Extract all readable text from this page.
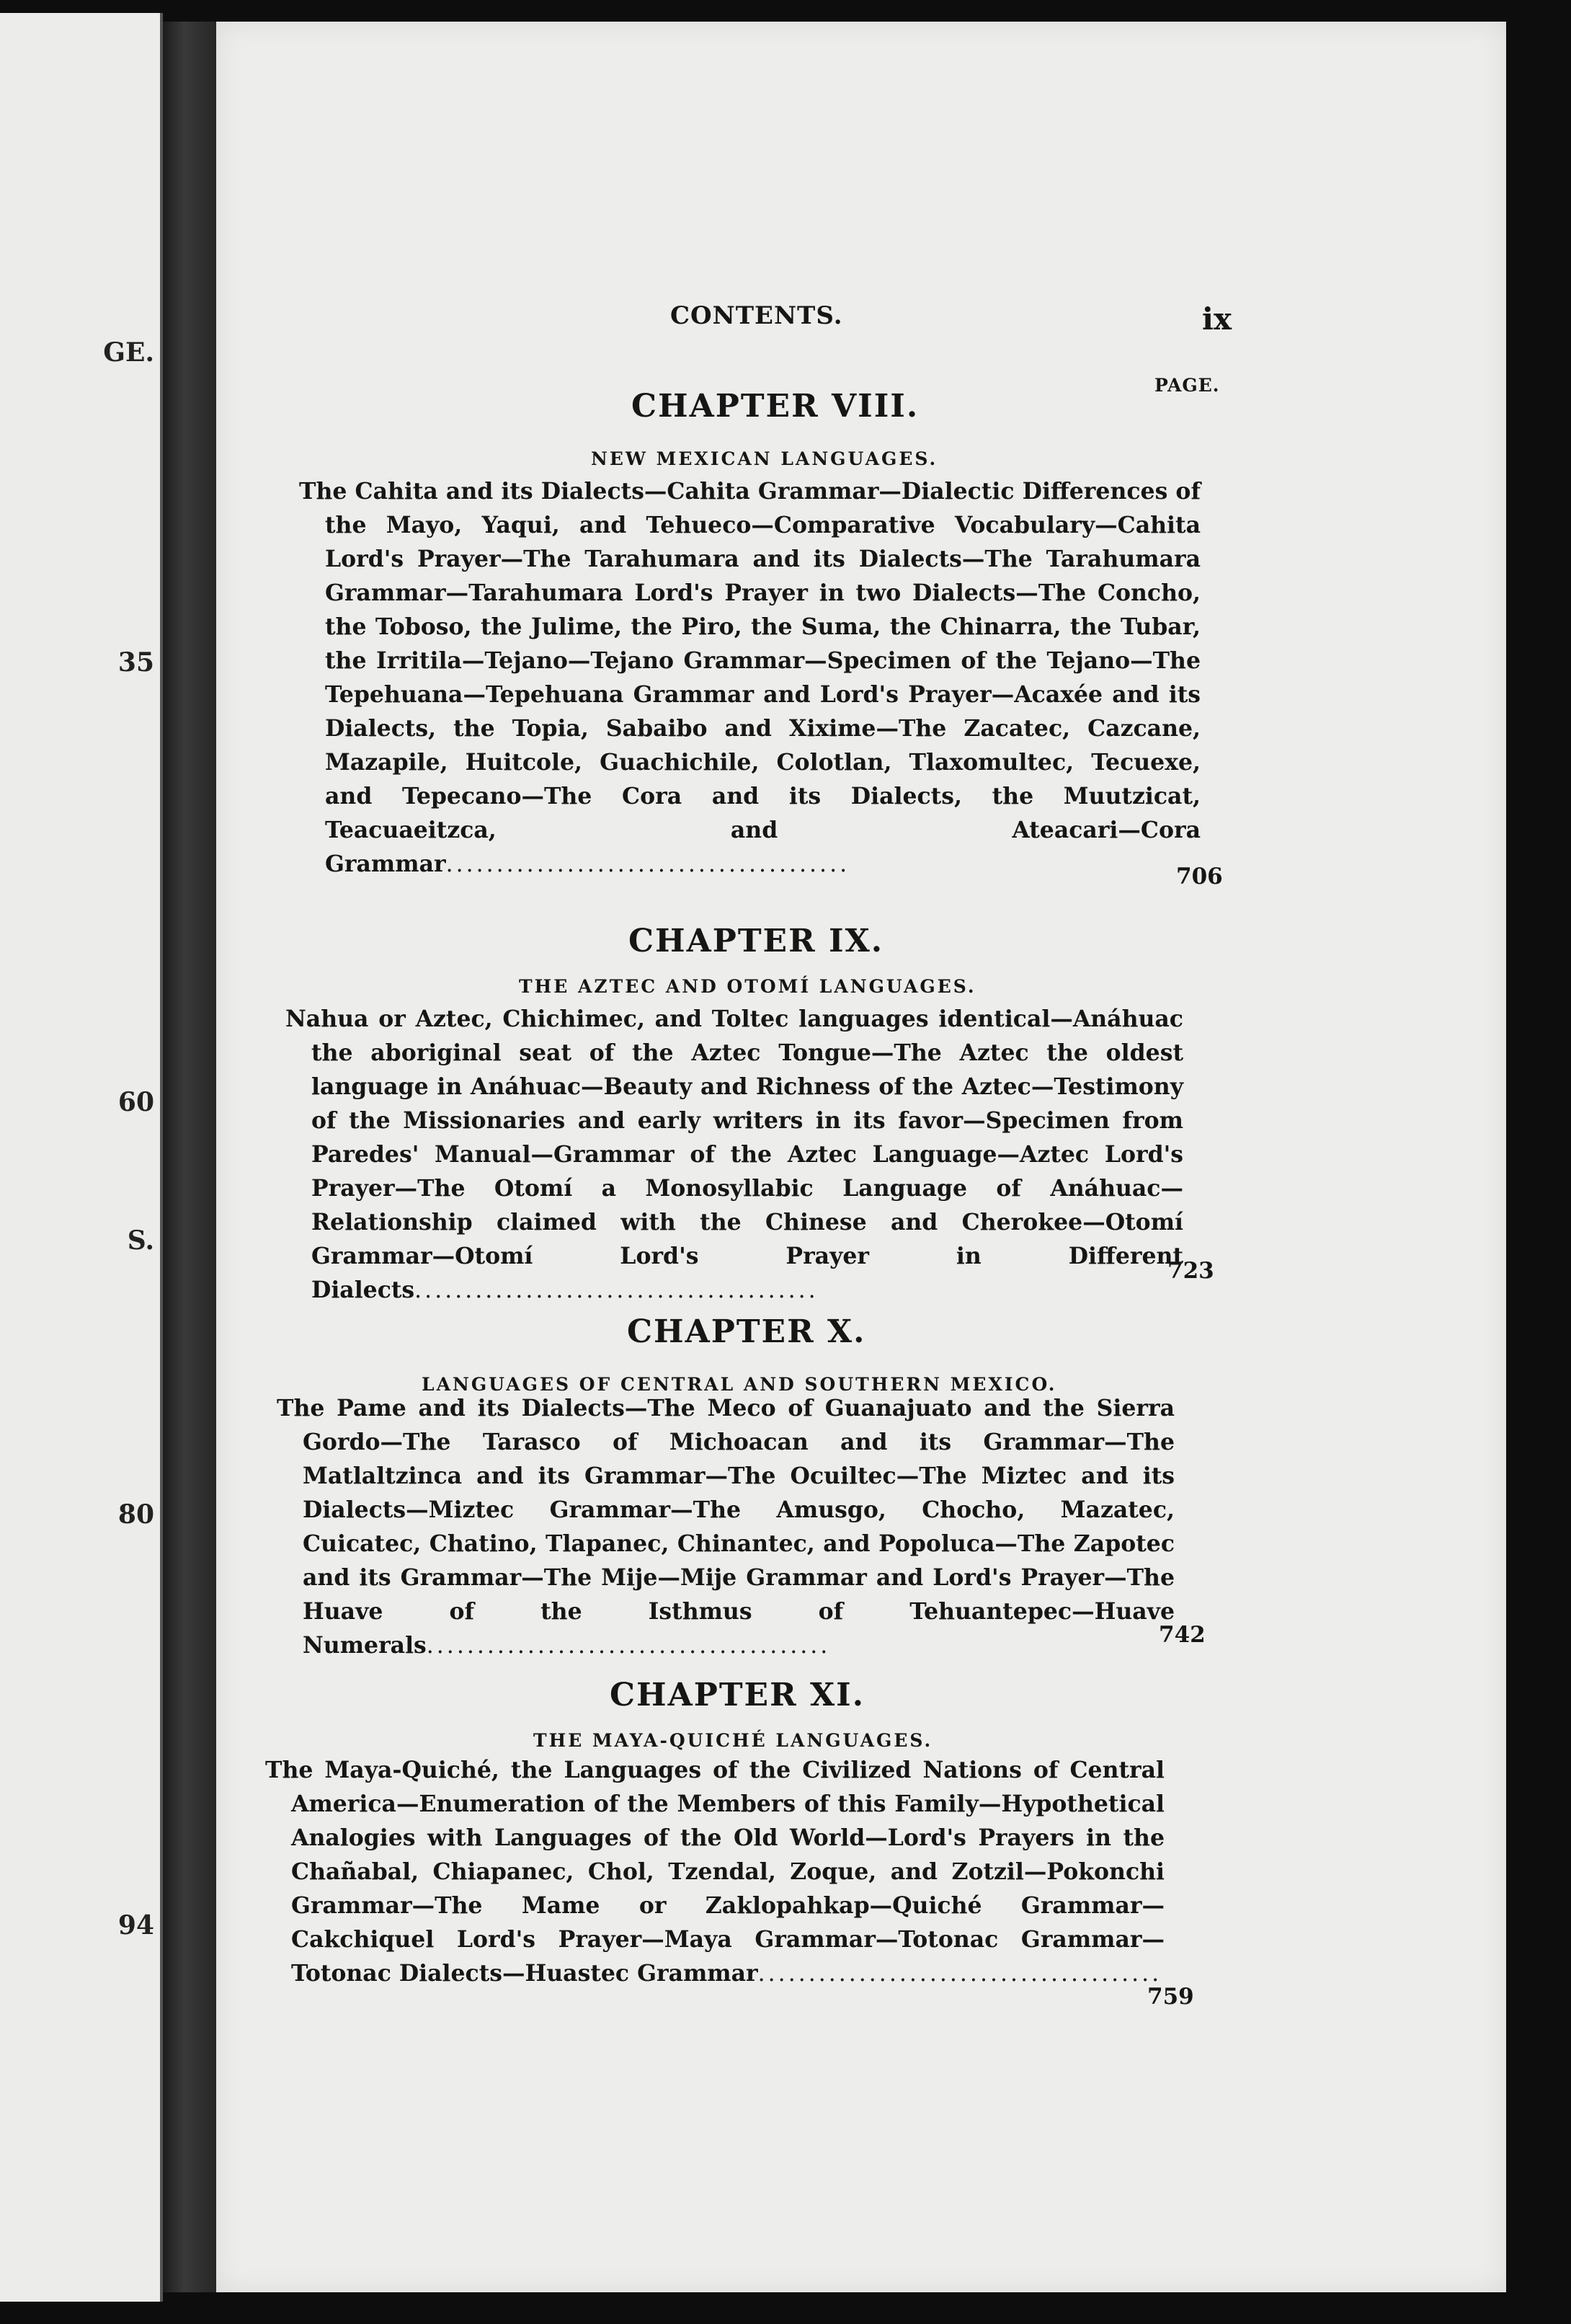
GE.
35
60
S.
80
94
CONTENTS.	ix
PAGE.
CHAPTER VIII.
NEW MEXICAN LANGUAGES.
The Cahita and its Dialects—Cahita Grammar—Dialectic Differences of the Mayo, Yaqui, and Tehueco—Comparative Vocabulary—Cahita Lord's Prayer—The Tarahumara and its Dialects—The Tarahumara Grammar—Tarahumara Lord's Prayer in two Dialects—The Concho, the Toboso, the Julime, the Piro, the Suma, the Chinarra, the Tubar, the Irritila—Tejano—Tejano Grammar—Specimen of the Tejano—The Tepehuana—Tepehuana Grammar and Lord's Prayer—Acaxée and its Dialects, the Topia, Sabaibo and Xixime—The Zacatec, Cazcane, Mazapile, Huitcole, Guachichile, Colotlan, Tlaxomultec, Tecuexe, and Tepecano—The Cora and its Dialects, the Muutzicat, Teacuaeitzca, and Ateacari—Cora Grammar........................................	706
CHAPTER IX.
THE AZTEC AND OTOMÍ LANGUAGES.
Nahua or Aztec, Chichimec, and Toltec languages identical—Anáhuac the aboriginal seat of the Aztec Tongue—The Aztec the oldest language in Anáhuac—Beauty and Richness of the Aztec—Testimony of the Missionaries and early writers in its favor—Specimen from Paredes' Manual—Grammar of the Aztec Language—Aztec Lord's Prayer—The Otomí a Monosyllabic Language of Anáhuac—Relationship claimed with the Chinese and Cherokee—Otomí Grammar—Otomí Lord's Prayer in Different Dialects........................................
723
CHAPTER X.
LANGUAGES OF CENTRAL AND SOUTHERN MEXICO.
The Pame and its Dialects—The Meco of Guanajuato and the Sierra Gordo—The Tarasco of Michoacan and its Grammar—The Matlaltzinca and its Grammar—The Ocuiltec—The Miztec and its Dialects—Miztec Grammar—The Amusgo, Chocho, Mazatec, Cuicatec, Chatino, Tlapanec, Chinantec, and Popoluca—The Zapotec and its Grammar—The Mije—Mije Grammar and Lord's Prayer—The Huave of the Isthmus of Tehuantepec—Huave Numerals........................................	742
CHAPTER XI.
THE MAYA-QUICHÉ LANGUAGES.
The Maya-Quiché, the Languages of the Civilized Nations of Central America—Enumeration of the Members of this Family—Hypothetical Analogies with Languages of the Old World—Lord's Prayers in the Chañabal, Chiapanec, Chol, Tzendal, Zoque, and Zotzil—Pokonchi Grammar—The Mame or Zaklopahkap—Quiché Grammar—Cakchiquel Lord's Prayer—Maya Grammar—Totonac Grammar—Totonac Dialects—Huastec Grammar........................................
759
